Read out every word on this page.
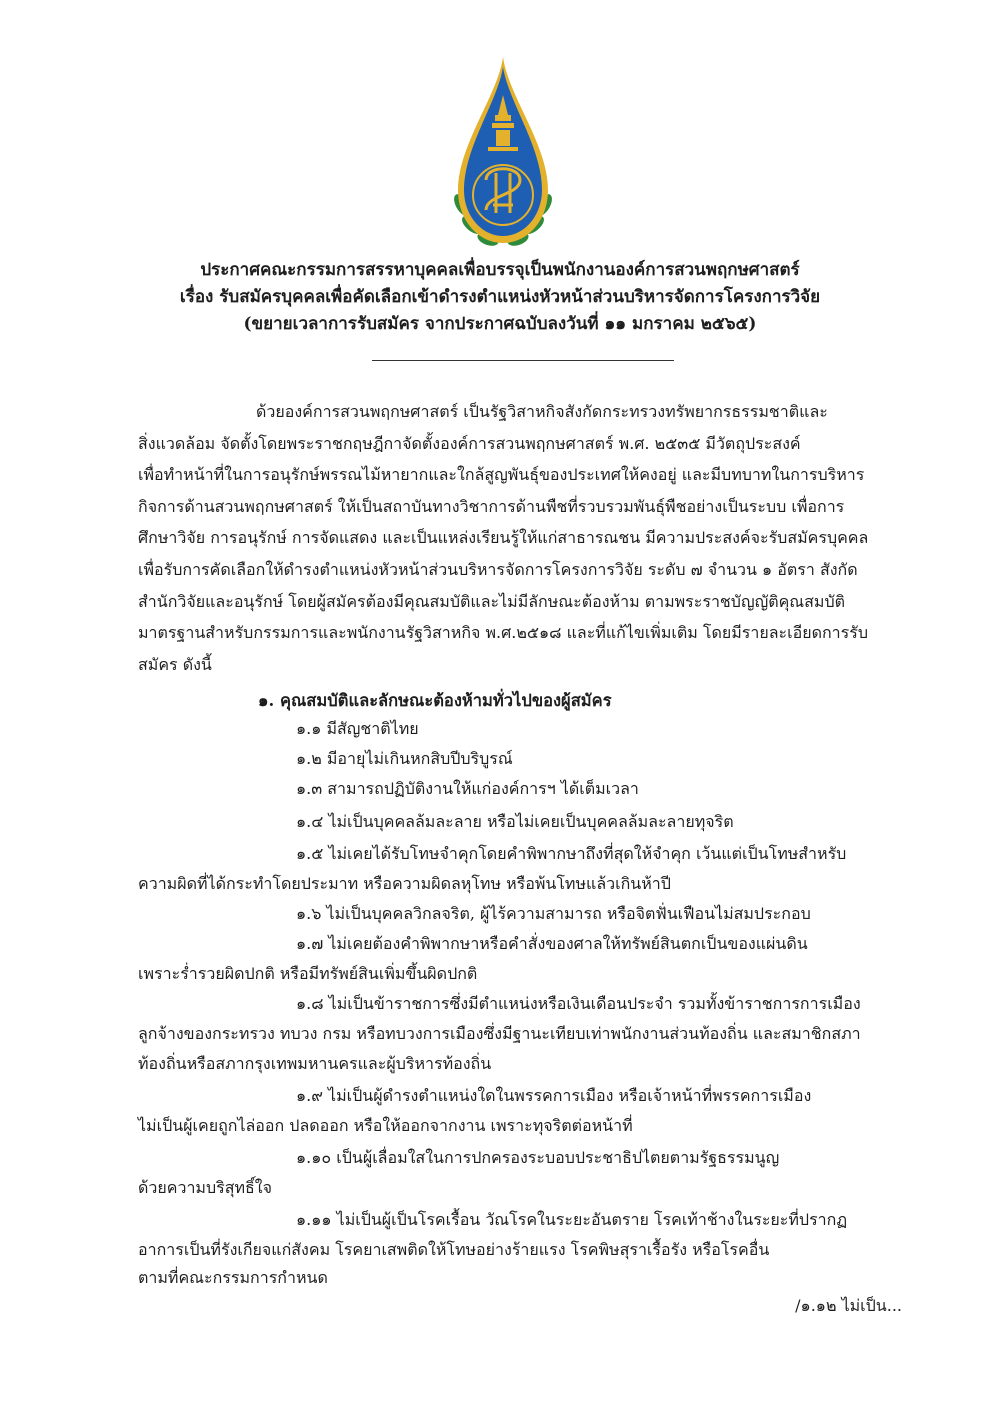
ประกาศคณะกรรมการสรรหาบุคคลเพื่อบรรจุเป็นพนักงานองค์การสวนพฤกษศาสตร์
เรื่อง รับสมัครบุคคลเพื่อคัดเลือกเข้าดำรงตำแหน่งหัวหน้าส่วนบริหารจัดการโครงการวิจัย
(ขยายเวลาการรับสมัคร จากประกาศฉบับลงวันที่ ๑๑ มกราคม ๒๕๖๕)
ด้วยองค์การสวนพฤกษศาสตร์ เป็นรัฐวิสาหกิจสังกัดกระทรวงทรัพยากรธรรมชาติและ
สิ่งแวดล้อม จัดตั้งโดยพระราชกฤษฎีกาจัดตั้งองค์การสวนพฤกษศาสตร์ พ.ศ. ๒๕๓๕ มีวัตถุประสงค์
เพื่อทำหน้าที่ในการอนุรักษ์พรรณไม้หายากและใกล้สูญพันธุ์ของประเทศให้คงอยู่ และมีบทบาทในการบริหาร
กิจการด้านสวนพฤกษศาสตร์ ให้เป็นสถาบันทางวิชาการด้านพืชที่รวบรวมพันธุ์พืชอย่างเป็นระบบ เพื่อการ
ศึกษาวิจัย การอนุรักษ์ การจัดแสดง และเป็นแหล่งเรียนรู้ให้แก่สาธารณชน มีความประสงค์จะรับสมัครบุคคล
เพื่อรับการคัดเลือกให้ดำรงตำแหน่งหัวหน้าส่วนบริหารจัดการโครงการวิจัย ระดับ ๗ จำนวน ๑ อัตรา สังกัด
สำนักวิจัยและอนุรักษ์ โดยผู้สมัครต้องมีคุณสมบัติและไม่มีลักษณะต้องห้าม ตามพระราชบัญญัติคุณสมบัติ
มาตรฐานสำหรับกรรมการและพนักงานรัฐวิสาหกิจ พ.ศ.๒๕๑๘ และที่แก้ไขเพิ่มเติม โดยมีรายละเอียดการรับ
สมัคร ดังนี้
๑. คุณสมบัติและลักษณะต้องห้ามทั่วไปของผู้สมัคร
๑.๑ มีสัญชาติไทย
๑.๒ มีอายุไม่เกินหกสิบปีบริบูรณ์
๑.๓ สามารถปฏิบัติงานให้แก่องค์การฯ ได้เต็มเวลา
๑.๔ ไม่เป็นบุคคลล้มละลาย หรือไม่เคยเป็นบุคคลล้มละลายทุจริต
๑.๕ ไม่เคยได้รับโทษจำคุกโดยคำพิพากษาถึงที่สุดให้จำคุก เว้นแต่เป็นโทษสำหรับ
ความผิดที่ได้กระทำโดยประมาท หรือความผิดลหุโทษ หรือพ้นโทษแล้วเกินห้าปี
๑.๖ ไม่เป็นบุคคลวิกลจริต, ผู้ไร้ความสามารถ หรือจิตฟั่นเฟือนไม่สมประกอบ
๑.๗ ไม่เคยต้องคำพิพากษาหรือคำสั่งของศาลให้ทรัพย์สินตกเป็นของแผ่นดิน
เพราะร่ำรวยผิดปกติ หรือมีทรัพย์สินเพิ่มขึ้นผิดปกติ
๑.๘ ไม่เป็นข้าราชการซึ่งมีตำแหน่งหรือเงินเดือนประจำ รวมทั้งข้าราชการการเมือง
ลูกจ้างของกระทรวง ทบวง กรม หรือทบวงการเมืองซึ่งมีฐานะเทียบเท่าพนักงานส่วนท้องถิ่น และสมาชิกสภา
ท้องถิ่นหรือสภากรุงเทพมหานครและผู้บริหารท้องถิ่น
๑.๙ ไม่เป็นผู้ดำรงตำแหน่งใดในพรรคการเมือง หรือเจ้าหน้าที่พรรคการเมือง
ไม่เป็นผู้เคยถูกไล่ออก ปลดออก หรือให้ออกจากงาน เพราะทุจริตต่อหน้าที่
๑.๑๐ เป็นผู้เลื่อมใสในการปกครองระบอบประชาธิปไตยตามรัฐธรรมนูญ
ด้วยความบริสุทธิ์ใจ
๑.๑๑ ไม่เป็นผู้เป็นโรคเรื้อน วัณโรคในระยะอันตราย โรคเท้าช้างในระยะที่ปรากฏ
อาการเป็นที่รังเกียจแก่สังคม โรคยาเสพติดให้โทษอย่างร้ายแรง โรคพิษสุราเรื้อรัง หรือโรคอื่น
ตามที่คณะกรรมการกำหนด
/๑.๑๒ ไม่เป็น...
